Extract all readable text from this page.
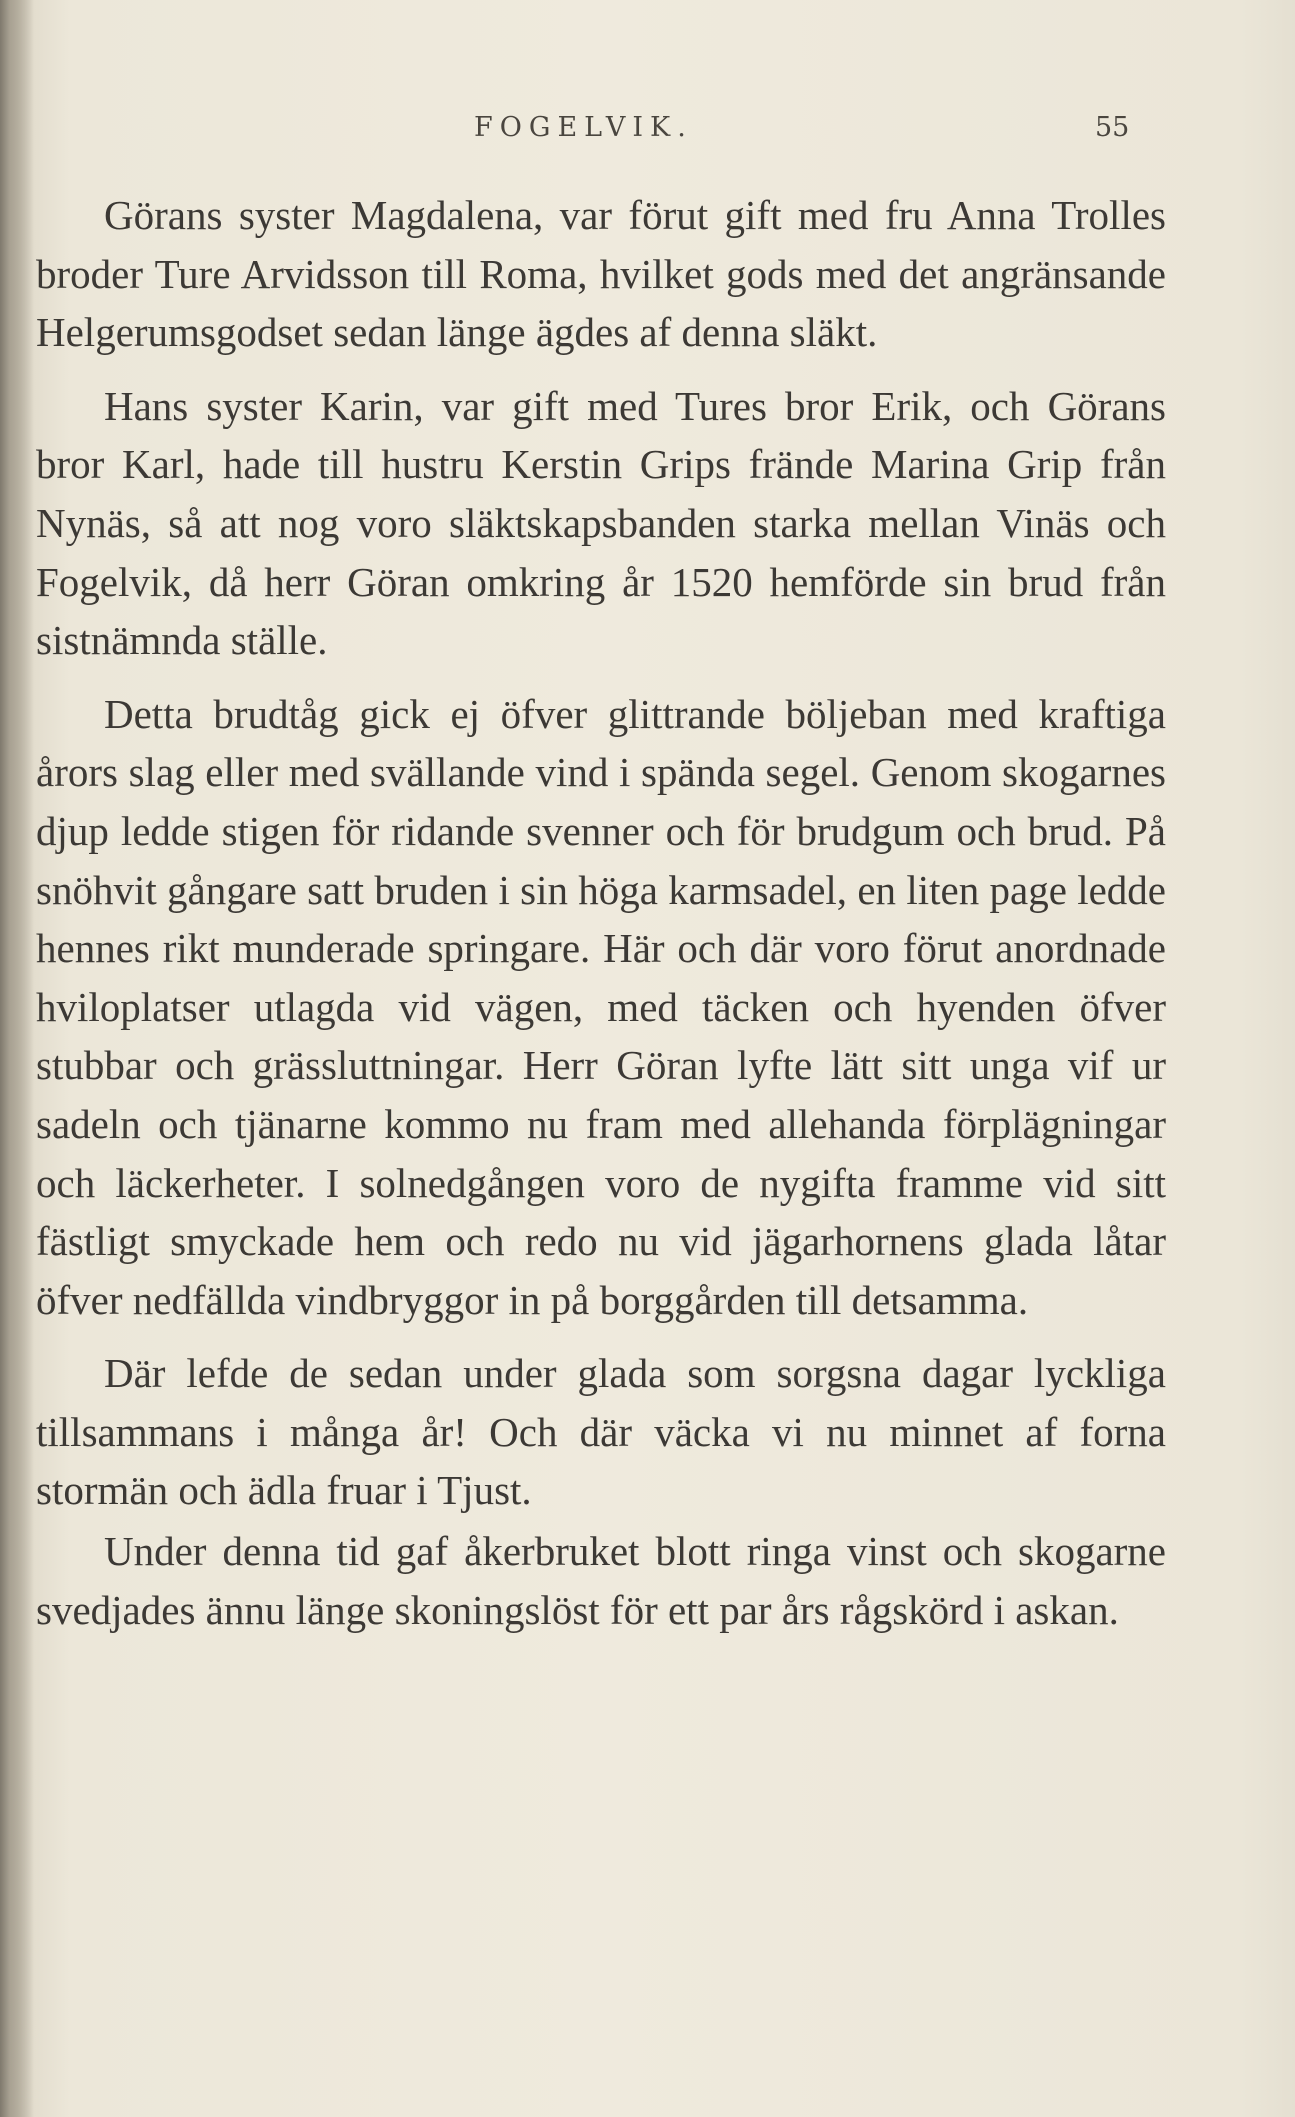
FOGELVIK.	55

Görans syster Magdalena, var förut gift med fru Anna Trolles broder Ture Arvidsson till Roma, hvilket gods med det angränsande Helgerumsgodset sedan länge ägdes af denna släkt.

Hans syster Karin, var gift med Tures bror Erik, och Görans bror Karl, hade till hustru Kerstin Grips frände Marina Grip från Nynäs, så att nog voro släktskapsbanden starka mellan Vinäs och Fogelvik, då herr Göran omkring år 1520 hemförde sin brud från sistnämnda ställe.

Detta brudtåg gick ej öfver glittrande böljeban med kraftiga årors slag eller med svällande vind i spända segel. Genom skogarnes djup ledde stigen för ridande svenner och för brudgum och brud. På snöhvit gångare satt bruden i sin höga karmsadel, en liten page ledde hennes rikt munderade springare. Här och där voro förut anordnade hviloplatser utlagda vid vägen, med täcken och hyenden öfver stubbar och grässluttningar. Herr Göran lyfte lätt sitt unga vif ur sadeln och tjänarne kommo nu fram med allehanda förplägningar och läckerheter. I solnedgången voro de nygifta framme vid sitt fästligt smyckade hem och redo nu vid jägarhornens glada låtar öfver nedfällda vindbryggor in på borggården till detsamma.

Där lefde de sedan under glada som sorgsna dagar lyckliga tillsammans i många år! Och där väcka vi nu minnet af forna stormän och ädla fruar i Tjust.

Under denna tid gaf åkerbruket blott ringa vinst och skogarne svedjades ännu länge skoningslöst för ett par års rågskörd i askan.
